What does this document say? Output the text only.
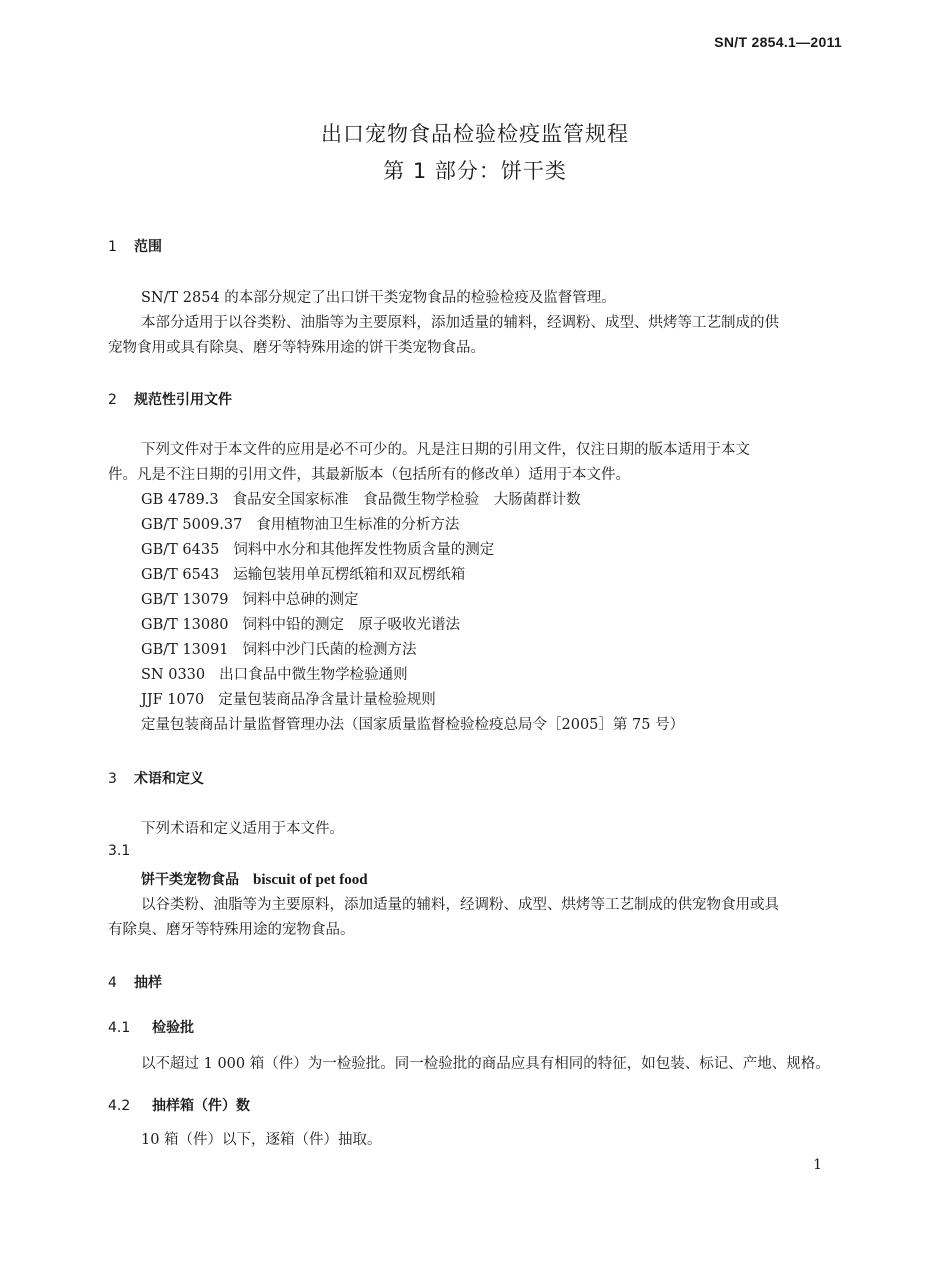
SN/T 2854.1—2011
出口宠物食品检验检疫监管规程
第 1 部分：饼干类
1 范围
SN/T 2854 的本部分规定了出口饼干类宠物食品的检验检疫及监督管理。
本部分适用于以谷类粉、油脂等为主要原料，添加适量的辅料，经调粉、成型、烘烤等工艺制成的供
宠物食用或具有除臭、磨牙等特殊用途的饼干类宠物食品。
2 规范性引用文件
下列文件对于本文件的应用是必不可少的。凡是注日期的引用文件，仅注日期的版本适用于本文
件。凡是不注日期的引用文件，其最新版本（包括所有的修改单）适用于本文件。
GB 4789.3 食品安全国家标准　食品微生物学检验　大肠菌群计数
GB/T 5009.37 食用植物油卫生标准的分析方法
GB/T 6435 饲料中水分和其他挥发性物质含量的测定
GB/T 6543 运输包装用单瓦楞纸箱和双瓦楞纸箱
GB/T 13079 饲料中总砷的测定
GB/T 13080 饲料中铅的测定　原子吸收光谱法
GB/T 13091 饲料中沙门氏菌的检测方法
SN 0330 出口食品中微生物学检验通则
JJF 1070 定量包装商品净含量计量检验规则
定量包装商品计量监督管理办法（国家质量监督检验检疫总局令［2005］第 75 号）
3 术语和定义
下列术语和定义适用于本文件。
3.1
饼干类宠物食品 biscuit of pet food
以谷类粉、油脂等为主要原料，添加适量的辅料，经调粉、成型、烘烤等工艺制成的供宠物食用或具
有除臭、磨牙等特殊用途的宠物食品。
4 抽样
4.1 检验批
以不超过 1 000 箱（件）为一检验批。同一检验批的商品应具有相同的特征，如包装、标记、产地、规格。
4.2 抽样箱（件）数
10 箱（件）以下，逐箱（件）抽取。
1
